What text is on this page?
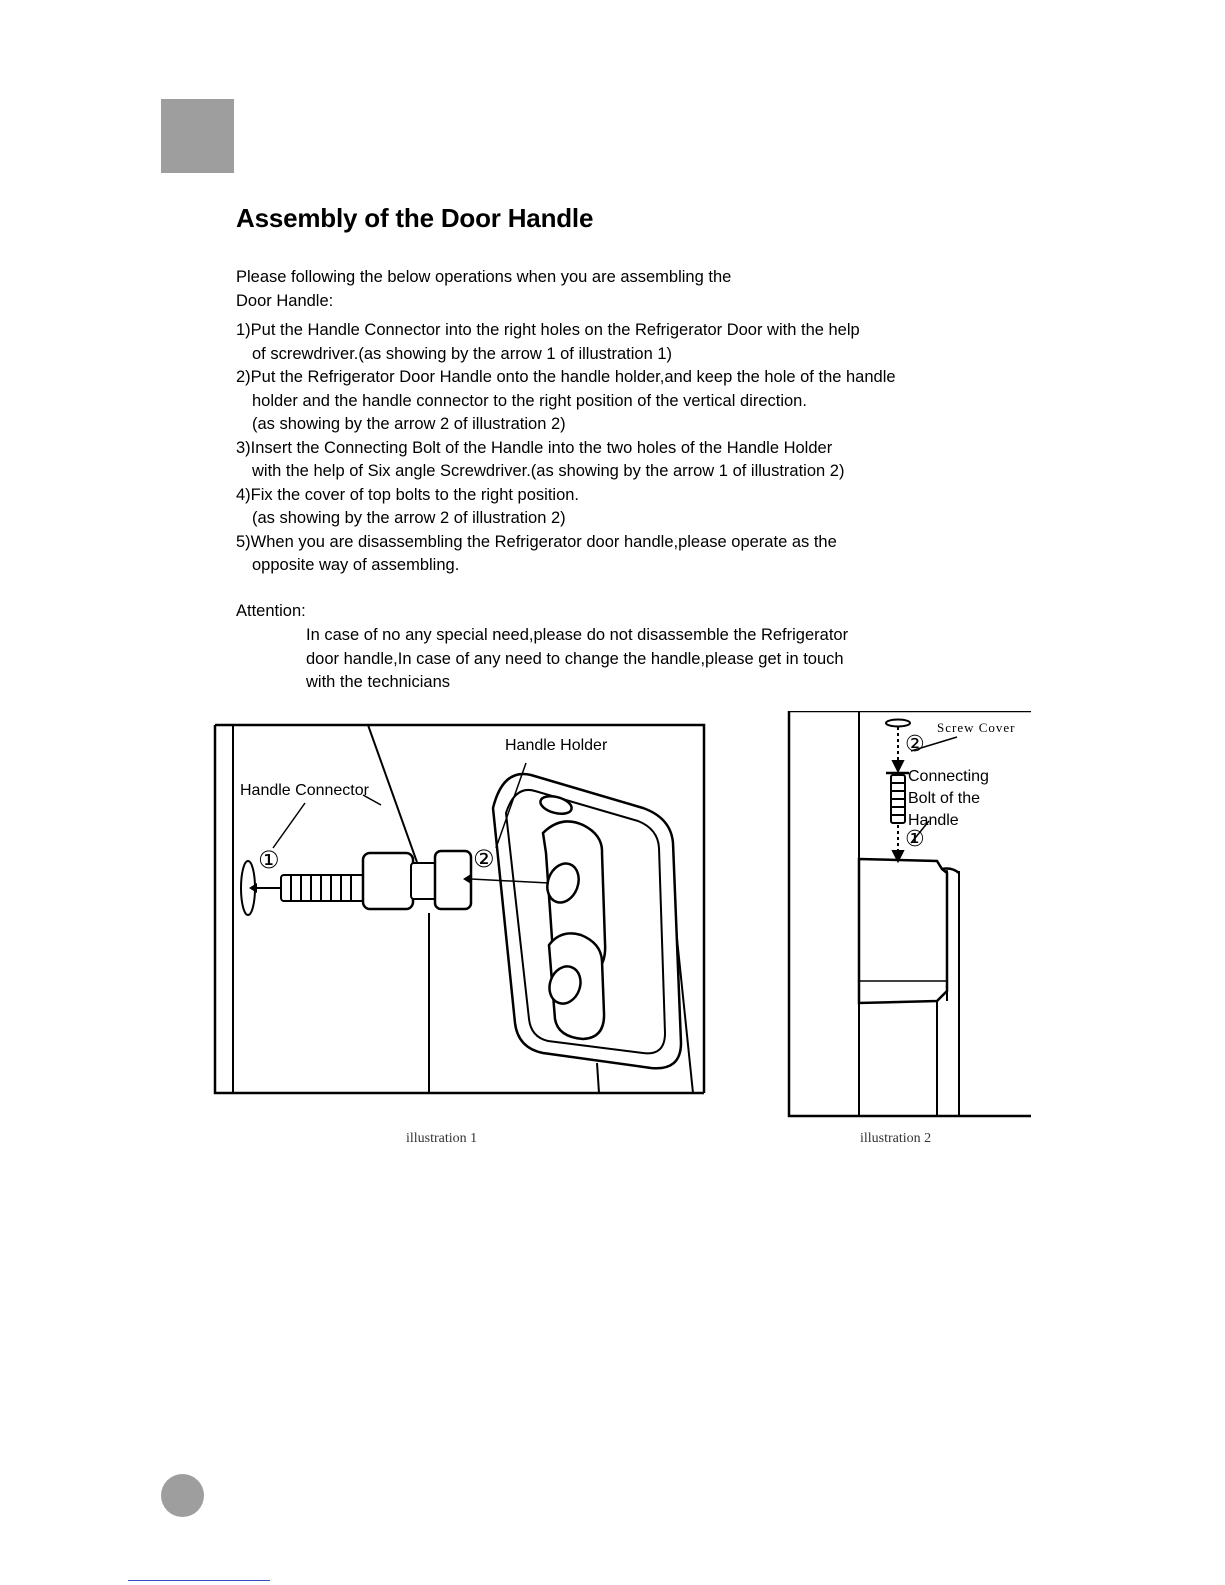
Assembly of the Door Handle
Please following the below operations when you are assembling the
Door Handle:
1)Put the Handle Connector into the right holes on the Refrigerator Door with the help
of screwdriver.(as showing by the arrow 1 of illustration 1)
2)Put the Refrigerator Door Handle onto the handle holder,and keep the hole of the handle
holder and the handle connector to the right position of the vertical direction.
(as showing by the arrow 2 of illustration 2)
3)Insert the Connecting Bolt of the Handle into the two holes of the Handle Holder
with the help of Six angle Screwdriver.(as showing by the arrow 1 of illustration 2)
4)Fix the cover of top bolts to the right position.
(as showing by the arrow 2 of illustration 2)
5)When you are disassembling the Refrigerator door handle,please operate as the
opposite way of assembling.
Attention:
In case of no any special need,please do not disassemble the Refrigerator
door handle,In case of any need to change the handle,please get in touch
with the technicians
Handle Connector
Handle Holder
①	②
Screw Cover
②
Connecting Bolt of the Handle
①
illustration 1	illustration 2
